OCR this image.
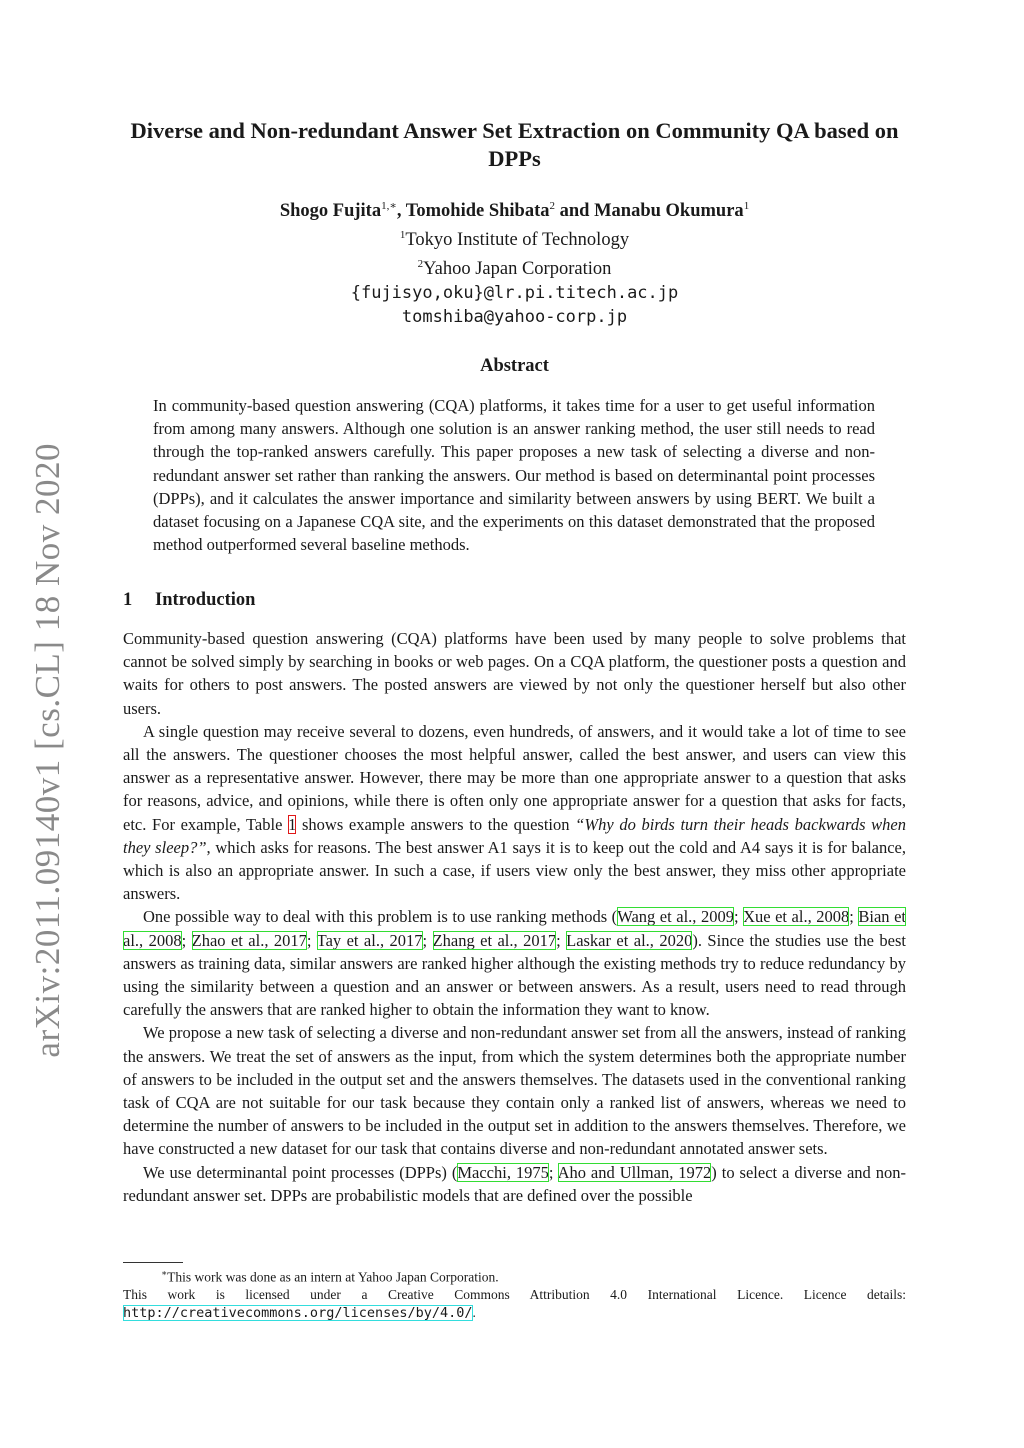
arXiv:2011.09140v1 [cs.CL] 18 Nov 2020
Diverse and Non-redundant Answer Set Extraction on Community QA based on DPPs
Shogo Fujita$^{1,∗}$, Tomohide Shibata$^2$ and Manabu Okumura$^1$
$^1$Tokyo Institute of Technology
$^2$Yahoo Japan Corporation
{fujisyo,oku}@lr.pi.titech.ac.jp
tomshiba@yahoo-corp.jp
Abstract

In community-based question answering (CQA) platforms, it takes time for a user to get useful information from among many answers. Although one solution is an answer ranking method, the user still needs to read through the top-ranked answers carefully. This paper proposes a new task of selecting a diverse and non-redundant answer set rather than ranking the answers. Our method is based on determinantal point processes (DPPs), and it calculates the answer importance and similarity between answers by using BERT. We built a dataset focusing on a Japanese CQA site, and the experiments on this dataset demonstrated that the proposed method outperformed several baseline methods.

1 Introduction

Community-based question answering (CQA) platforms have been used by many people to solve problems that cannot be solved simply by searching in books or web pages. On a CQA platform, the questioner posts a question and waits for others to post answers. The posted answers are viewed by not only the questioner herself but also other users.

A single question may receive several to dozens, even hundreds, of answers, and it would take a lot of time to see all the answers. The questioner chooses the most helpful answer, called the best answer, and users can view this answer as a representative answer. However, there may be more than one appropriate answer to a question that asks for reasons, advice, and opinions, while there is often only one appropriate answer for a question that asks for facts, etc. For example, Table 1 shows example answers to the question “Why do birds turn their heads backwards when they sleep?”, which asks for reasons. The best answer A1 says it is to keep out the cold and A4 says it is for balance, which is also an appropriate answer. In such a case, if users view only the best answer, they miss other appropriate answers.

One possible way to deal with this problem is to use ranking methods (Wang et al., 2009; Xue et al., 2008; Bian et al., 2008; Zhao et al., 2017; Tay et al., 2017; Zhang et al., 2017; Laskar et al., 2020). Since the studies use the best answers as training data, similar answers are ranked higher although the existing methods try to reduce redundancy by using the similarity between a question and an answer or between answers. As a result, users need to read through carefully the answers that are ranked higher to obtain the information they want to know.

We propose a new task of selecting a diverse and non-redundant answer set from all the answers, instead of ranking the answers. We treat the set of answers as the input, from which the system determines both the appropriate number of answers to be included in the output set and the answers themselves. The datasets used in the conventional ranking task of CQA are not suitable for our task because they contain only a ranked list of answers, whereas we need to determine the number of answers to be included in the output set in addition to the answers themselves. Therefore, we have constructed a new dataset for our task that contains diverse and non-redundant annotated answer sets.

We use determinantal point processes (DPPs) (Macchi, 1975; Aho and Ullman, 1972) to select a diverse and non-redundant answer set. DPPs are probabilistic models that are defined over the possible

∗This work was done as an intern at Yahoo Japan Corporation.

This work is licensed under a Creative Commons Attribution 4.0 International Licence. Licence details: http://creativecommons.org/licenses/by/4.0/.
